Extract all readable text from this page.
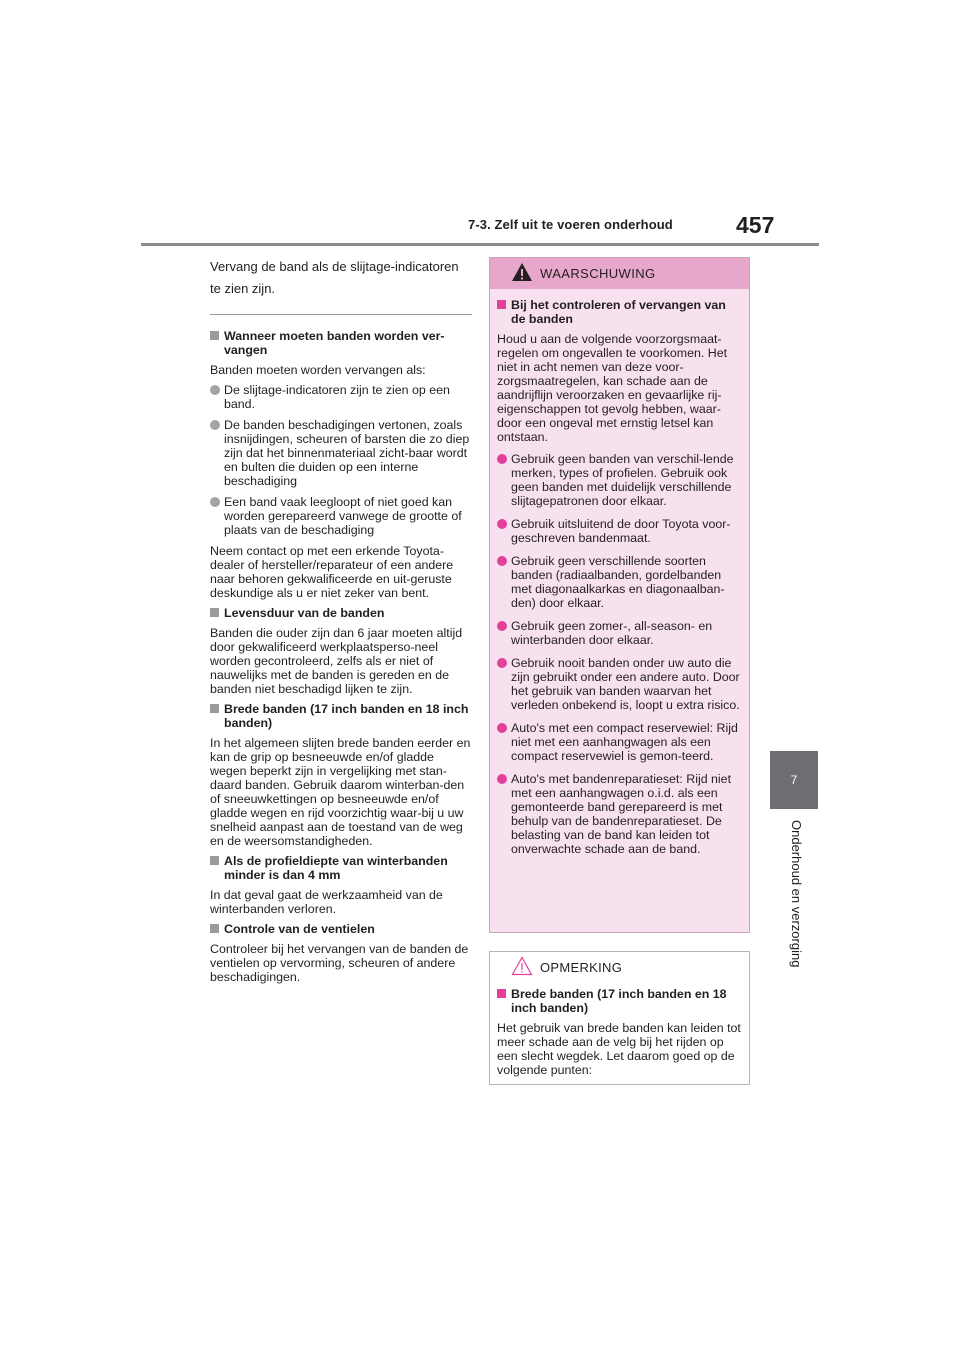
7-3. Zelf uit te voeren onderhoud	457
7
Onderhoud en verzorging

Vervang de band als de slijtage-indicatoren

te zien zijn.

Wanneer moeten banden worden ver-vangen

Banden moeten worden vervangen als:

De slijtage-indicatoren zijn te zien op een band.
De banden beschadigingen vertonen, zoals insnijdingen, scheuren of barsten die zo diep zijn dat het binnenmateriaal zicht-baar wordt en bulten die duiden op een interne beschadiging
Een band vaak leegloopt of niet goed kan worden gerepareerd vanwege de grootte of plaats van de beschadiging

Neem contact op met een erkende Toyota-dealer of hersteller/reparateur of een andere naar behoren gekwalificeerde en uit-geruste deskundige als u er niet zeker van bent.

Levensduur van de banden

Banden die ouder zijn dan 6 jaar moeten altijd door gekwalificeerd werkplaatsperso-neel worden gecontroleerd, zelfs als er niet of nauwelijks met de banden is gereden en de banden niet beschadigd lijken te zijn.

Brede banden (17 inch banden en 18 inch banden)

In het algemeen slijten brede banden eerder en kan de grip op besneeuwde en/of gladde wegen beperkt zijn in vergelijking met stan-daard banden. Gebruik daarom winterban-den of sneeuwkettingen op besneeuwde en/of gladde wegen en rijd voorzichtig waar-bij u uw snelheid aanpast aan de toestand van de weg en de weersomstandigheden.

Als de profieldiepte van winterbanden minder is dan 4 mm

In dat geval gaat de werkzaamheid van de winterbanden verloren.

Controle van de ventielen

Controleer bij het vervangen van de banden de ventielen op vervorming, scheuren of andere beschadigingen.

WAARSCHUWING
Bij het controleren of vervangen van de banden

Houd u aan de volgende voorzorgsmaat-regelen om ongevallen te voorkomen. Het niet in acht nemen van deze voor-zorgsmaatregelen, kan schade aan de aandrijflijn veroorzaken en gevaarlijke rij-eigenschappen tot gevolg hebben, waar-door een ongeval met ernstig letsel kan ontstaan.

Gebruik geen banden van verschil-lende merken, types of profielen. Gebruik ook geen banden met duidelijk verschillende slijtagepatronen door elkaar.
Gebruik uitsluitend de door Toyota voor-geschreven bandenmaat.
Gebruik geen verschillende soorten banden (radiaalbanden, gordelbanden met diagonaalkarkas en diagonaalban-den) door elkaar.
Gebruik geen zomer-, all-season- en winterbanden door elkaar.
Gebruik nooit banden onder uw auto die zijn gebruikt onder een andere auto. Door het gebruik van banden waarvan het verleden onbekend is, loopt u extra risico.
Auto's met een compact reservewiel: Rijd niet met een aanhangwagen als een compact reservewiel is gemon-teerd.
Auto's met bandenreparatieset: Rijd niet met een aanhangwagen o.i.d. als een gemonteerde band gerepareerd is met behulp van de bandenreparatieset. De belasting van de band kan leiden tot onverwachte schade aan de band.
OPMERKING
Brede banden (17 inch banden en 18 inch banden)

Het gebruik van brede banden kan leiden tot meer schade aan de velg bij het rijden op een slecht wegdek. Let daarom goed op de volgende punten:
